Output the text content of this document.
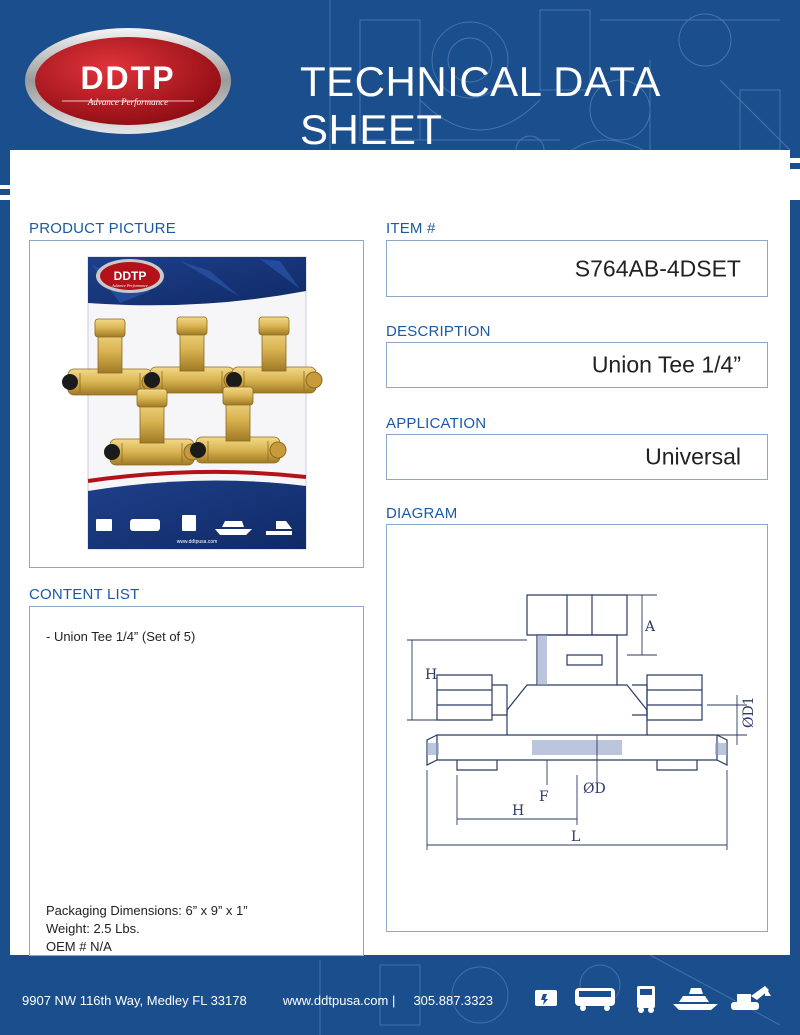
DDTP
Advance Performance	TECHNICAL DATA SHEET
PRODUCT PICTURE
DDTP
Advance Performance
www.ddtpusa.com
CONTENT LIST
- Union Tee 1/4” (Set of 5)
Packaging Dimensions: 6” x 9” x 1”
Weight: 2.5 Lbs.
OEM # N/A
ITEM #
S764AB-4DSET
DESCRIPTION
Union Tee 1/4”
APPLICATION
Universal
DIAGRAM
A
H
ØD1
F ØD
H
L
9907 NW 116th Way, Medley FL 33178	www.ddtpusa.com | 305.887.3323
